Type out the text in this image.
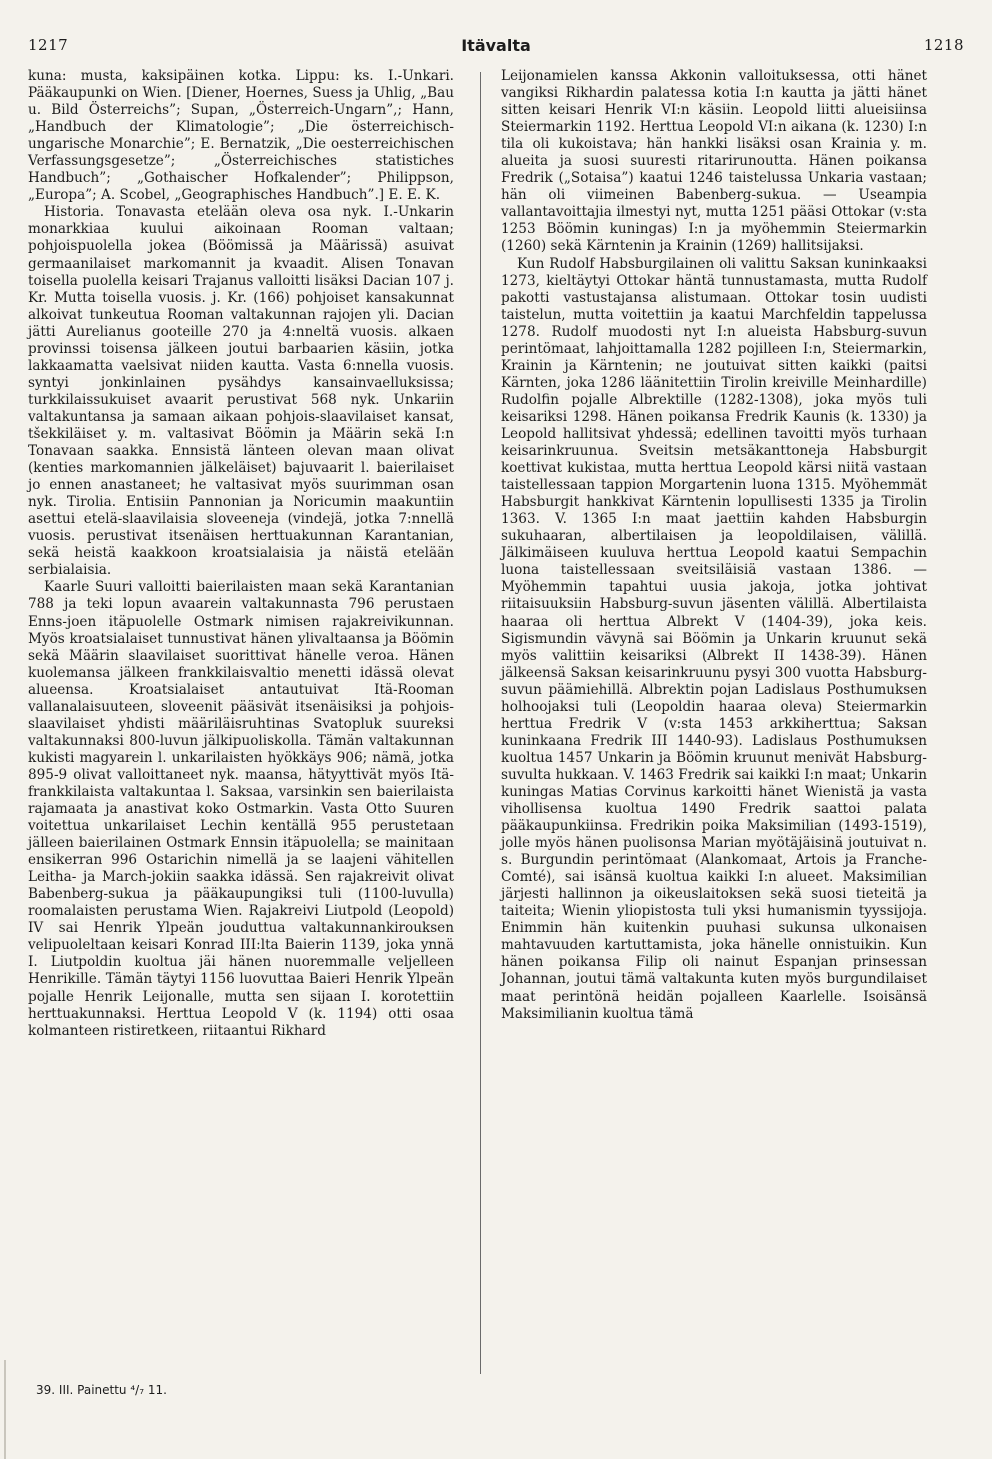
1217	Itävalta	1218

kuna: musta, kaksipäinen kotka. Lippu: ks. I.-Unkari. Pääkaupunki on Wien. [Diener, Hoernes, Suess ja Uhlig, „Bau u. Bild Österreichs”; Supan, „Österreich-Ungarn”,; Hann, „Handbuch der Klimatologie”; „Die österreichisch-ungarische Monarchie”; E. Bernatzik, „Die oesterreichischen Verfassungsgesetze”; „Österreichisches statistiches Handbuch”; „Gothaischer Hofkalender”; Philippson, „Europa”; A. Scobel, „Geographisches Handbuch”.] E. E. K.

Historia. Tonavasta etelään oleva osa nyk. I.-Unkarin monarkkiaa kuului aikoinaan Rooman valtaan; pohjoispuolella jokea (Böömissä ja Määrissä) asuivat germaanilaiset markomannit ja kvaadit. Alisen Tonavan toisella puolella keisari Trajanus valloitti lisäksi Dacian 107 j. Kr. Mutta toisella vuosis. j. Kr. (166) pohjoiset kansakunnat alkoivat tunkeutua Rooman valtakunnan rajojen yli. Dacian jätti Aurelianus gooteille 270 ja 4:nneltä vuosis. alkaen provinssi toisensa jälkeen joutui barbaarien käsiin, jotka lakkaamatta vaelsivat niiden kautta. Vasta 6:nnella vuosis. syntyi jonkinlainen pysähdys kansainvaelluksissa; turkkilaissukuiset avaarit perustivat 568 nyk. Unkariin valtakuntansa ja samaan aikaan pohjois-slaavilaiset kansat, tšekkiläiset y. m. valtasivat Böömin ja Määrin sekä I:n Tonavaan saakka. Ennsistä länteen olevan maan olivat (kenties markomannien jälkeläiset) bajuvaarit l. baierilaiset jo ennen anastaneet; he valtasivat myös suurimman osan nyk. Tirolia. Entisiin Pannonian ja Noricumin maakuntiin asettui etelä-slaavilaisia sloveeneja (vindejä, jotka 7:nnellä vuosis. perustivat itsenäisen herttuakunnan Karantanian, sekä heistä kaakkoon kroatsialaisia ja näistä etelään serbialaisia.

Kaarle Suuri valloitti baierilaisten maan sekä Karantanian 788 ja teki lopun avaarein valtakunnasta 796 perustaen Enns-joen itäpuolelle Ostmark nimisen rajakreivikunnan. Myös kroatsialaiset tunnustivat hänen ylivaltaansa ja Böömin sekä Määrin slaavilaiset suorittivat hänelle veroa. Hänen kuolemansa jälkeen frankkilaisvaltio menetti idässä olevat alueensa. Kroatsialaiset antautuivat Itä-Rooman vallanalaisuuteen, sloveenit pääsivät itsenäisiksi ja pohjois-slaavilaiset yhdisti määriläisruhtinas Svatopluk suureksi valtakunnaksi 800-luvun jälkipuoliskolla. Tämän valtakunnan kukisti magyarein l. unkarilaisten hyökkäys 906; nämä, jotka 895-9 olivat valloittaneet nyk. maansa, hätyyttivät myös Itä-frankkilaista valtakuntaa l. Saksaa, varsinkin sen baierilaista rajamaata ja anastivat koko Ostmarkin. Vasta Otto Suuren voitettua unkarilaiset Lechin kentällä 955 perustetaan jälleen baierilainen Ostmark Ennsin itäpuolella; se mainitaan ensikerran 996 Ostarichin nimellä ja se laajeni vähitellen Leitha- ja March-jokiin saakka idässä. Sen rajakreivit olivat Babenberg-sukua ja pääkaupungiksi tuli (1100-luvulla) roomalaisten perustama Wien. Rajakreivi Liutpold (Leopold) IV sai Henrik Ylpeän jouduttua valtakunnankirouksen velipuoleltaan keisari Konrad III:lta Baierin 1139, joka ynnä I. Liutpoldin kuoltua jäi hänen nuoremmalle veljelleen Henrikille. Tämän täytyi 1156 luovuttaa Baieri Henrik Ylpeän pojalle Henrik Leijonalle, mutta sen sijaan I. korotettiin herttuakunnaksi. Herttua Leopold V (k. 1194) otti osaa kolmanteen ristiretkeen, riitaantui Rikhard

Leijonamielen kanssa Akkonin valloituksessa, otti hänet vangiksi Rikhardin palatessa kotia I:n kautta ja jätti hänet sitten keisari Henrik VI:n käsiin. Leopold liitti alueisiinsa Steiermarkin 1192. Herttua Leopold VI:n aikana (k. 1230) I:n tila oli kukoistava; hän hankki lisäksi osan Krainia y. m. alueita ja suosi suuresti ritarirunoutta. Hänen poikansa Fredrik („Sotaisa”) kaatui 1246 taistelussa Unkaria vastaan; hän oli viimeinen Babenberg-sukua. — Useampia vallantavoittajia ilmestyi nyt, mutta 1251 pääsi Ottokar (v:sta 1253 Böömin kuningas) I:n ja myöhemmin Steiermarkin (1260) sekä Kärntenin ja Krainin (1269) hallitsijaksi.

Kun Rudolf Habsburgilainen oli valittu Saksan kuninkaaksi 1273, kieltäytyi Ottokar häntä tunnustamasta, mutta Rudolf pakotti vastustajansa alistumaan. Ottokar tosin uudisti taistelun, mutta voitettiin ja kaatui Marchfeldin tappelussa 1278. Rudolf muodosti nyt I:n alueista Habsburg-suvun perintömaat, lahjoittamalla 1282 pojilleen I:n, Steiermarkin, Krainin ja Kärntenin; ne joutuivat sitten kaikki (paitsi Kärnten, joka 1286 läänitettiin Tirolin kreiville Meinhardille) Rudolfin pojalle Albrektille (1282-1308), joka myös tuli keisariksi 1298. Hänen poikansa Fredrik Kaunis (k. 1330) ja Leopold hallitsivat yhdessä; edellinen tavoitti myös turhaan keisarinkruunua. Sveitsin metsäkanttoneja Habsburgit koettivat kukistaa, mutta herttua Leopold kärsi niitä vastaan taistellessaan tappion Morgartenin luona 1315. Myöhemmät Habsburgit hankkivat Kärntenin lopullisesti 1335 ja Tirolin 1363. V. 1365 I:n maat jaettiin kahden Habsburgin sukuhaaran, albertilaisen ja leopoldilaisen, välillä. Jälkimäiseen kuuluva herttua Leopold kaatui Sempachin luona taistellessaan sveitsiläisiä vastaan 1386. — Myöhemmin tapahtui uusia jakoja, jotka johtivat riitaisuuksiin Habsburg-suvun jäsenten välillä. Albertilaista haaraa oli herttua Albrekt V (1404-39), joka keis. Sigismundin vävynä sai Böömin ja Unkarin kruunut sekä myös valittiin keisariksi (Albrekt II 1438-39). Hänen jälkeensä Saksan keisarinkruunu pysyi 300 vuotta Habsburg-suvun päämiehillä. Albrektin pojan Ladislaus Posthumuksen holhoojaksi tuli (Leopoldin haaraa oleva) Steiermarkin herttua Fredrik V (v:sta 1453 arkkiherttua; Saksan kuninkaana Fredrik III 1440-93). Ladislaus Posthumuksen kuoltua 1457 Unkarin ja Böömin kruunut menivät Habsburg-suvulta hukkaan. V. 1463 Fredrik sai kaikki I:n maat; Unkarin kuningas Matias Corvinus karkoitti hänet Wienistä ja vasta vihollisensa kuoltua 1490 Fredrik saattoi palata pääkaupunkiinsa. Fredrikin poika Maksimilian (1493-1519), jolle myös hänen puolisonsa Marian myötäjäisinä joutuivat n. s. Burgundin perintömaat (Alankomaat, Artois ja Franche-Comté), sai isänsä kuoltua kaikki I:n alueet. Maksimilian järjesti hallinnon ja oikeuslaitoksen sekä suosi tieteitä ja taiteita; Wienin yliopistosta tuli yksi humanismin tyyssijoja. Enimmin hän kuitenkin puuhasi sukunsa ulkonaisen mahtavuuden kartuttamista, joka hänelle onnistuikin. Kun hänen poikansa Filip oli nainut Espanjan prinsessan Johannan, joutui tämä valtakunta kuten myös burgundilaiset maat perintönä heidän pojalleen Kaarlelle. Isoisänsä Maksimilianin kuoltua tämä

39. III. Painettu ⁴/₇ 11.
